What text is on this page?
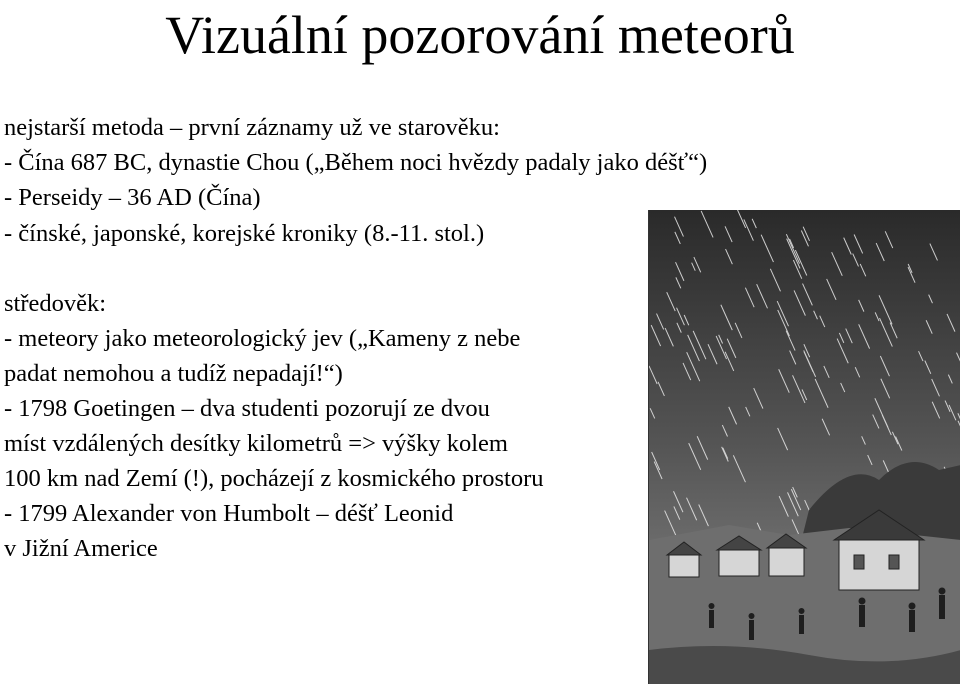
Vizuální pozorování meteorů
nejstarší metoda – první záznamy už ve starověku:
- Čína 687 BC, dynastie Chou („Během noci hvězdy padaly jako déšť“)
- Perseidy – 36 AD (Čína)
- čínské, japonské, korejské kroniky (8.-11. stol.)
středověk:
- meteory jako meteorologický jev („Kameny z nebe
padat nemohou a tudíž nepadají!“)
- 1798 Goetingen – dva studenti pozorují ze dvou
míst vzdálených desítky kilometrů => výšky kolem
100 km nad Zemí (!), pocházejí z kosmického prostoru
- 1799 Alexander von Humbolt – déšť Leonid
v Jižní Americe
